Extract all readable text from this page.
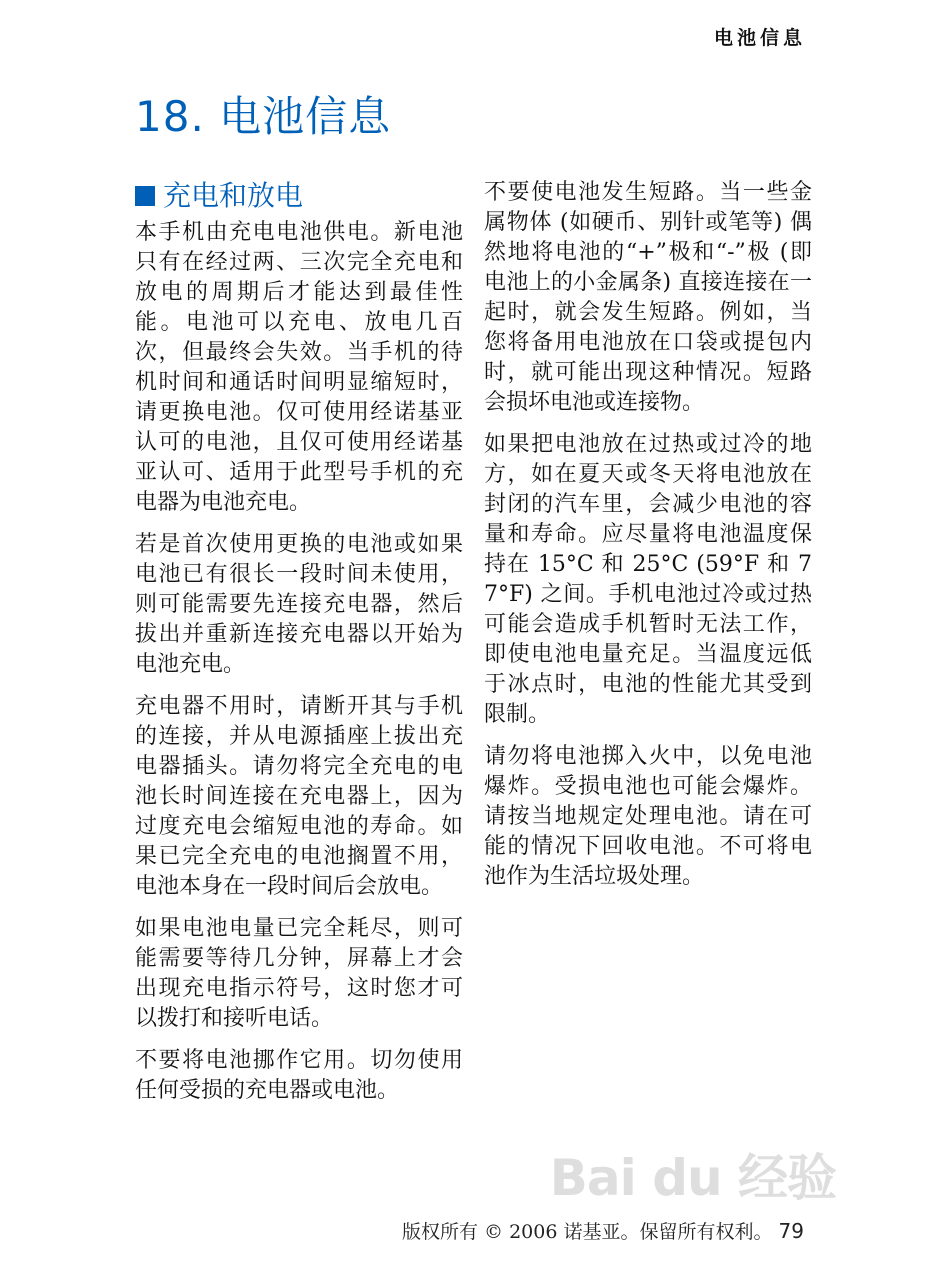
电池信息
18. 电池信息
充电和放电

本手机由充电电池供电。新电池只有在经过两、三次完全充电和放电的周期后才能达到最佳性能。电池可以充电、放电几百次，但最终会失效。当手机的待机时间和通话时间明显缩短时，请更换电池。仅可使用经诺基亚认可的电池，且仅可使用经诺基亚认可、适用于此型号手机的充电器为电池充电。

若是首次使用更换的电池或如果电池已有很长一段时间未使用，则可能需要先连接充电器，然后拔出并重新连接充电器以开始为电池充电。

充电器不用时，请断开其与手机的连接，并从电源插座上拔出充电器插头。请勿将完全充电的电池长时间连接在充电器上，因为过度充电会缩短电池的寿命。如果已完全充电的电池搁置不用，电池本身在一段时间后会放电。

如果电池电量已完全耗尽，则可能需要等待几分钟，屏幕上才会出现充电指示符号，这时您才可以拨打和接听电话。

不要将电池挪作它用。切勿使用任何受损的充电器或电池。

不要使电池发生短路。当一些金属物体 (如硬币、别针或笔等) 偶然地将电池的“+”极和“-”极 (即电池上的小金属条) 直接连接在一起时，就会发生短路。例如，当您将备用电池放在口袋或提包内时，就可能出现这种情况。短路会损坏电池或连接物。

如果把电池放在过热或过冷的地方，如在夏天或冬天将电池放在封闭的汽车里，会减少电池的容量和寿命。应尽量将电池温度保持在 15°C 和 25°C (59°F 和 77°F) 之间。手机电池过冷或过热可能会造成手机暂时无法工作，即使电池电量充足。当温度远低于冰点时，电池的性能尤其受到限制。

请勿将电池掷入火中，以免电池爆炸。受损电池也可能会爆炸。请按当地规定处理电池。请在可能的情况下回收电池。不可将电池作为生活垃圾处理。

Bai du 经验
版权所有 © 2006 诺基亚。保留所有权利。 79
